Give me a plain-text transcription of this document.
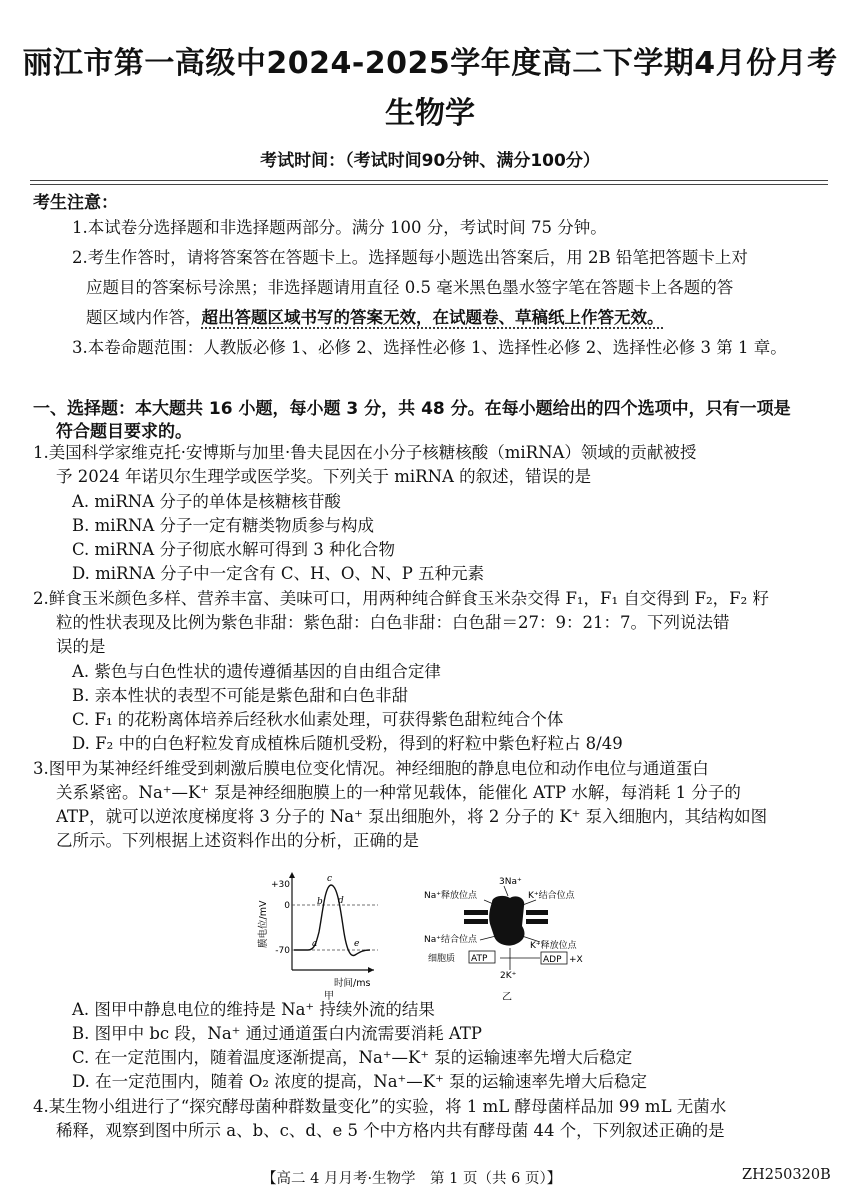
丽江市第一高级中2024-2025学年度高二下学期4月份月考
生物学
考试时间：（考试时间90分钟、满分100分）
考生注意：
1.本试卷分选择题和非选择题两部分。满分 100 分，考试时间 75 分钟。
2.考生作答时，请将答案答在答题卡上。选择题每小题选出答案后，用 2B 铅笔把答题卡上对
应题目的答案标号涂黑；非选择题请用直径 0.5 毫米黑色墨水签字笔在答题卡上各题的答
题区域内作答，超出答题区域书写的答案无效，在试题卷、草稿纸上作答无效。
3.本卷命题范围：人教版必修 1、必修 2、选择性必修 1、选择性必修 2、选择性必修 3 第 1 章。
一、选择题：本大题共 16 小题，每小题 3 分，共 48 分。在每小题给出的四个选项中，只有一项是
符合题目要求的。
1.美国科学家维克托·安博斯与加里·鲁夫昆因在小分子核糖核酸（miRNA）领域的贡献被授
予 2024 年诺贝尔生理学或医学奖。下列关于 miRNA 的叙述，错误的是
A. miRNA 分子的单体是核糖核苷酸
B. miRNA 分子一定有糖类物质参与构成
C. miRNA 分子彻底水解可得到 3 种化合物
D. miRNA 分子中一定含有 C、H、O、N、P 五种元素
2.鲜食玉米颜色多样、营养丰富、美味可口，用两种纯合鲜食玉米杂交得 F₁，F₁ 自交得到 F₂，F₂ 籽
粒的性状表现及比例为紫色非甜：紫色甜：白色非甜：白色甜＝27：9：21：7。下列说法错
误的是
A. 紫色与白色性状的遗传遵循基因的自由组合定律
B. 亲本性状的表型不可能是紫色甜和白色非甜
C. F₁ 的花粉离体培养后经秋水仙素处理，可获得紫色甜粒纯合个体
D. F₂ 中的白色籽粒发育成植株后随机受粉，得到的籽粒中紫色籽粒占 8/49
3.图甲为某神经纤维受到刺激后膜电位变化情况。神经细胞的静息电位和动作电位与通道蛋白
关系紧密。Na⁺—K⁺ 泵是神经细胞膜上的一种常见载体，能催化 ATP 水解，每消耗 1 分子的
ATP，就可以逆浓度梯度将 3 分子的 Na⁺ 泵出细胞外，将 2 分子的 K⁺ 泵入细胞内，其结构如图
乙所示。下列根据上述资料作出的分析，正确的是
+30
0
-70
膜电位/mV
时间/ms
a
b
c
d
e
甲
3Na⁺
Na⁺释放位点	K⁺结合位点
Na⁺结合位点
K⁺释放位点
细胞质 ATP	ADP +X
2K⁺
乙
A. 图甲中静息电位的维持是 Na⁺ 持续外流的结果
B. 图甲中 bc 段，Na⁺ 通过通道蛋白内流需要消耗 ATP
C. 在一定范围内，随着温度逐渐提高，Na⁺—K⁺ 泵的运输速率先增大后稳定
D. 在一定范围内，随着 O₂ 浓度的提高，Na⁺—K⁺ 泵的运输速率先增大后稳定
4.某生物小组进行了“探究酵母菌种群数量变化”的实验，将 1 mL 酵母菌样品加 99 mL 无菌水
稀释，观察到图中所示 a、b、c、d、e 5 个中方格内共有酵母菌 44 个，下列叙述正确的是
【高二 4 月月考·生物学　第 1 页（共 6 页）】	ZH250320B
